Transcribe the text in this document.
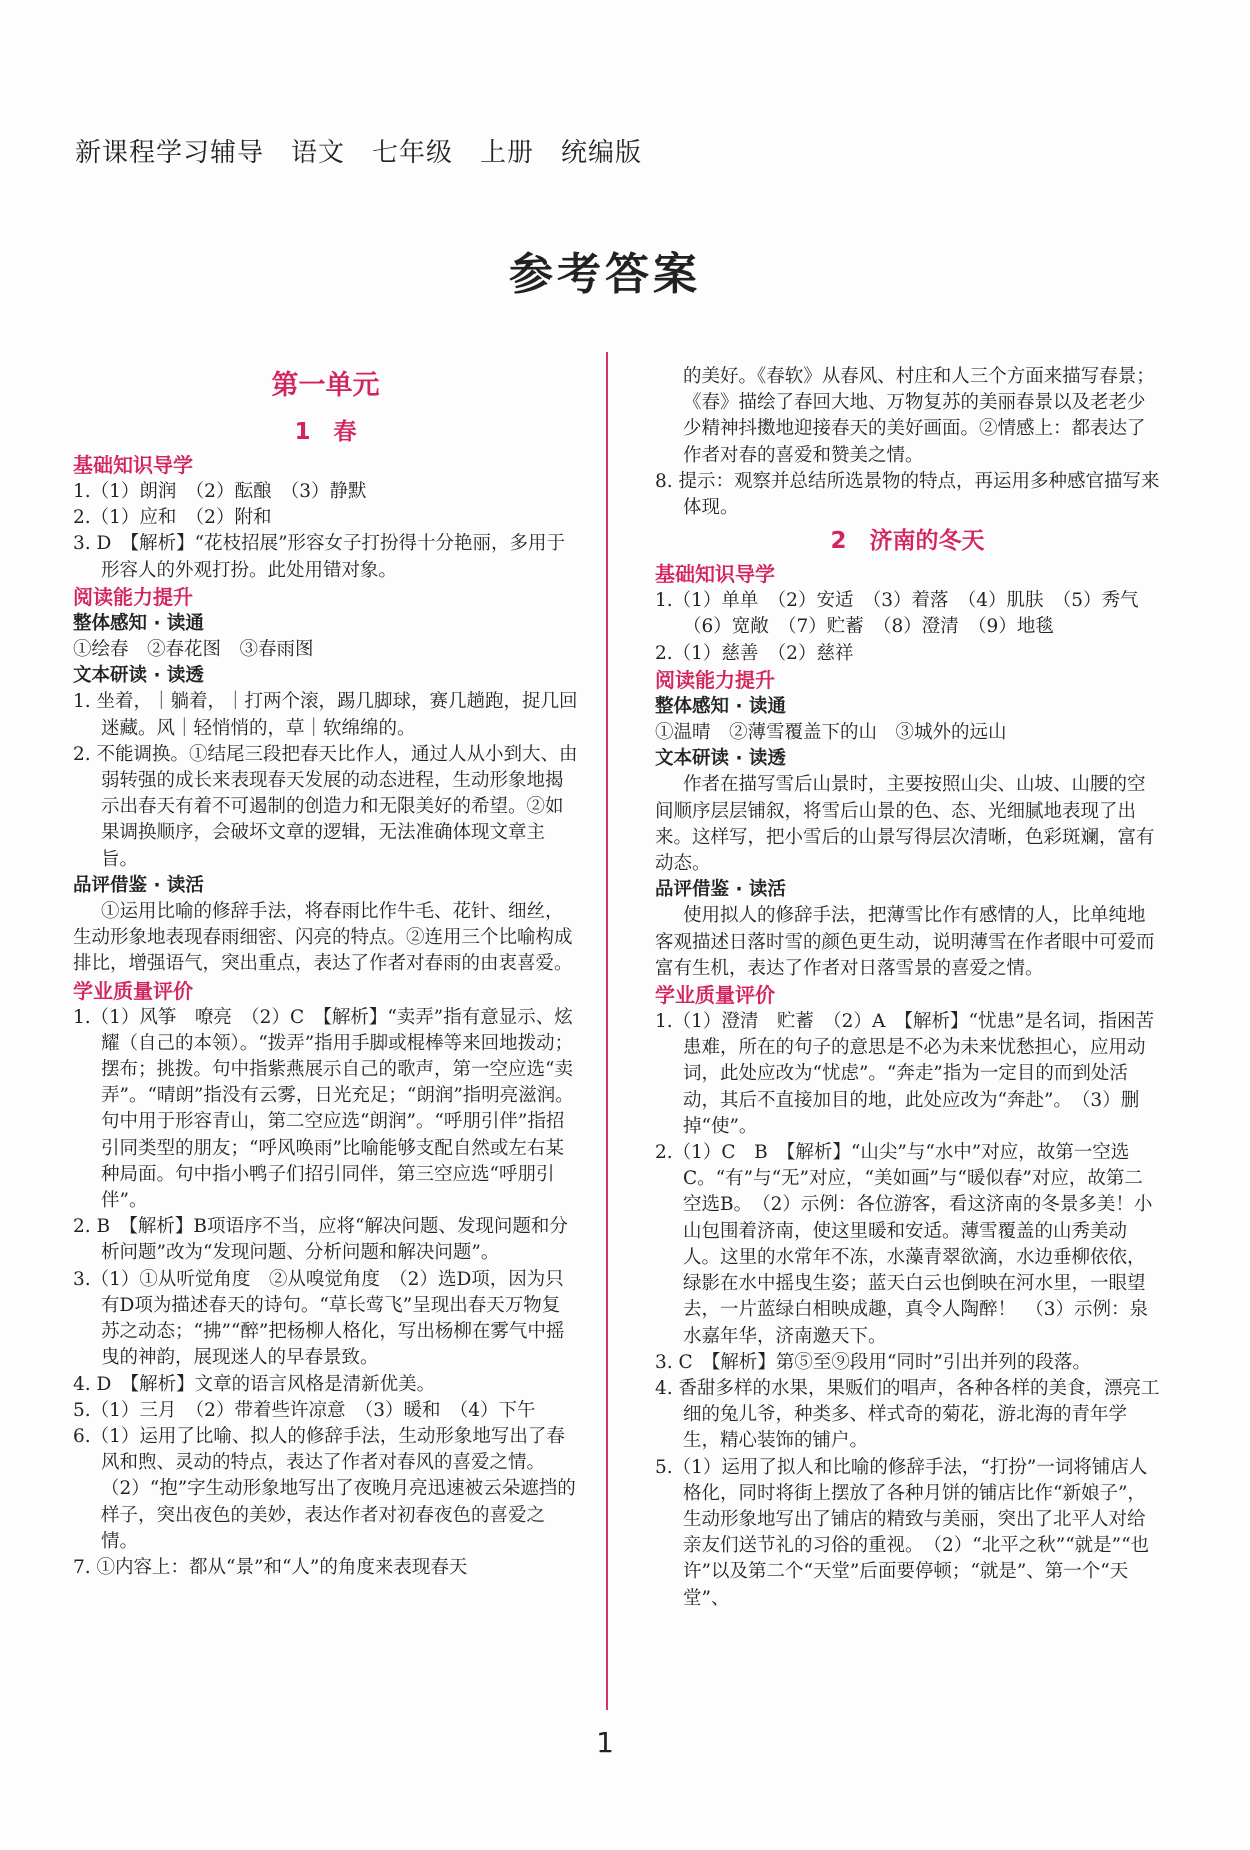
新课程学习辅导　语文　七年级　上册　统编版
参考答案
第一单元
1　春
基础知识导学

1.（1）朗润　（2）酝酿　（3）静默

2.（1）应和　（2）附和

3. D　【解析】“花枝招展”形容女子打扮得十分艳丽，多用于形容人的外观打扮。此处用错对象。

阅读能力提升
整体感知 · 读通

①绘春　②春花图　③春雨图

文本研读 · 读透

1. 坐着，｜躺着，｜打两个滚，踢几脚球，赛几趟跑，捉几回迷藏。风｜轻悄悄的，草｜软绵绵的。

2. 不能调换。①结尾三段把春天比作人，通过人从小到大、由弱转强的成长来表现春天发展的动态进程，生动形象地揭示出春天有着不可遏制的创造力和无限美好的希望。②如果调换顺序，会破坏文章的逻辑，无法准确体现文章主旨。

品评借鉴 · 读活

①运用比喻的修辞手法，将春雨比作牛毛、花针、细丝，生动形象地表现春雨细密、闪亮的特点。②连用三个比喻构成排比，增强语气，突出重点，表达了作者对春雨的由衷喜爱。

学业质量评价

1.（1）风筝　嘹亮　（2）C　【解析】“卖弄”指有意显示、炫耀（自己的本领）。“拨弄”指用手脚或棍棒等来回地拨动；摆布；挑拨。句中指紫燕展示自己的歌声，第一空应选“卖弄”。“晴朗”指没有云雾，日光充足；“朗润”指明亮滋润。句中用于形容青山，第二空应选“朗润”。“呼朋引伴”指招引同类型的朋友；“呼风唤雨”比喻能够支配自然或左右某种局面。句中指小鸭子们招引同伴，第三空应选“呼朋引伴”。

2. B　【解析】B项语序不当，应将“解决问题、发现问题和分析问题”改为“发现问题、分析问题和解决问题”。

3.（1）①从听觉角度　②从嗅觉角度　（2）选D项，因为只有D项为描述春天的诗句。“草长莺飞”呈现出春天万物复苏之动态；“拂”“醉”把杨柳人格化，写出杨柳在雾气中摇曳的神韵，展现迷人的早春景致。

4. D　【解析】文章的语言风格是清新优美。

5.（1）三月　（2）带着些许凉意　（3）暖和　（4）下午

6.（1）运用了比喻、拟人的修辞手法，生动形象地写出了春风和煦、灵动的特点，表达了作者对春风的喜爱之情。　（2）“抱”字生动形象地写出了夜晚月亮迅速被云朵遮挡的样子，突出夜色的美妙，表达作者对初春夜色的喜爱之情。

7. ①内容上：都从“景”和“人”的角度来表现春天

的美好。《春软》从春风、村庄和人三个方面来描写春景；《春》描绘了春回大地、万物复苏的美丽春景以及老老少少精神抖擞地迎接春天的美好画面。②情感上：都表达了作者对春的喜爱和赞美之情。

8. 提示：观察并总结所选景物的特点，再运用多种感官描写来体现。

2　济南的冬天
基础知识导学

1.（1）单单　（2）安适　（3）着落　（4）肌肤　（5）秀气　（6）宽敞　（7）贮蓄　（8）澄清　（9）地毯

2.（1）慈善　（2）慈祥

阅读能力提升
整体感知 · 读通

①温晴　②薄雪覆盖下的山　③城外的远山

文本研读 · 读透

作者在描写雪后山景时，主要按照山尖、山坡、山腰的空间顺序层层铺叙，将雪后山景的色、态、光细腻地表现了出来。这样写，把小雪后的山景写得层次清晰，色彩斑斓，富有动态。

品评借鉴 · 读活

使用拟人的修辞手法，把薄雪比作有感情的人，比单纯地客观描述日落时雪的颜色更生动，说明薄雪在作者眼中可爱而富有生机，表达了作者对日落雪景的喜爱之情。

学业质量评价

1.（1）澄清　贮蓄　（2）A　【解析】“忧患”是名词，指困苦患难，所在的句子的意思是不必为未来忧愁担心，应用动词，此处应改为“忧虑”。“奔走”指为一定目的而到处活动，其后不直接加目的地，此处应改为“奔赴”。　（3）删掉“使”。

2.（1）C　B　【解析】“山尖”与“水中”对应，故第一空选C。“有”与“无”对应，“美如画”与“暖似春”对应，故第二空选B。　（2）示例：各位游客，看这济南的冬景多美！小山包围着济南，使这里暖和安适。薄雪覆盖的山秀美动人。这里的水常年不冻，水藻青翠欲滴，水边垂柳依依，绿影在水中摇曳生姿；蓝天白云也倒映在河水里，一眼望去，一片蓝绿白相映成趣，真令人陶醉！　（3）示例：泉水嘉年华，济南邀天下。

3. C　【解析】第⑤至⑨段用“同时”引出并列的段落。

4. 香甜多样的水果，果贩们的唱声，各种各样的美食，漂亮工细的兔儿爷，种类多、样式奇的菊花，游北海的青年学生，精心装饰的铺户。

5.（1）运用了拟人和比喻的修辞手法，“打扮”一词将铺店人格化，同时将街上摆放了各种月饼的铺店比作“新娘子”，生动形象地写出了铺店的精致与美丽，突出了北平人对给亲友们送节礼的习俗的重视。　（2）“北平之秋”“就是”“也许”以及第二个“天堂”后面要停顿；“就是”、第一个“天堂”、

1
